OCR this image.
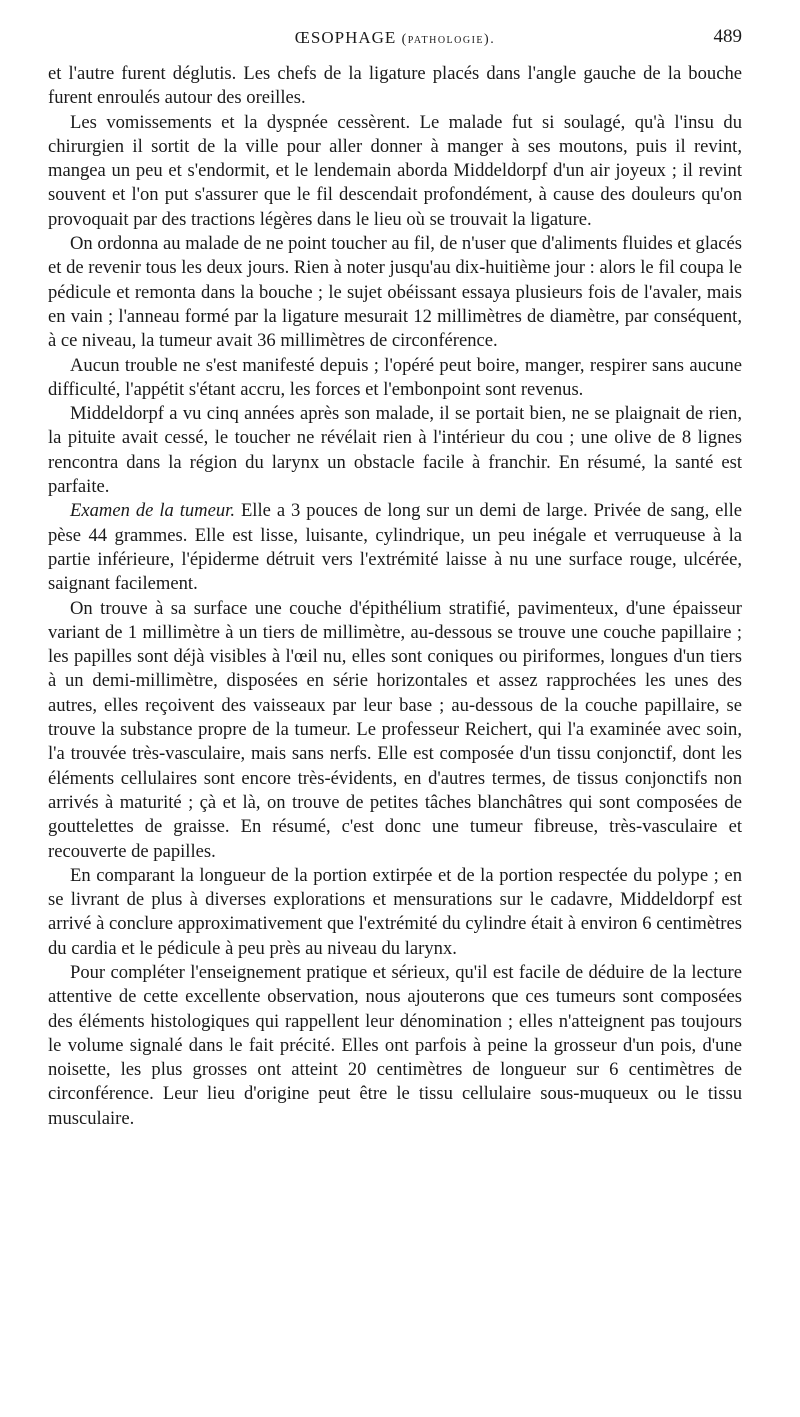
ŒSOPHAGE (pathologie).	489

et l'autre furent déglutis. Les chefs de la ligature placés dans l'angle gauche de la bouche furent enroulés autour des oreilles.

Les vomissements et la dyspnée cessèrent. Le malade fut si soulagé, qu'à l'insu du chirurgien il sortit de la ville pour aller donner à manger à ses moutons, puis il revint, mangea un peu et s'endormit, et le lendemain aborda Middeldorpf d'un air joyeux ; il revint souvent et l'on put s'assurer que le fil descendait profondément, à cause des douleurs qu'on provoquait par des tractions légères dans le lieu où se trouvait la ligature.

On ordonna au malade de ne point toucher au fil, de n'user que d'aliments fluides et glacés et de revenir tous les deux jours. Rien à noter jusqu'au dix-huitième jour : alors le fil coupa le pédicule et remonta dans la bouche ; le sujet obéissant essaya plusieurs fois de l'avaler, mais en vain ; l'anneau formé par la ligature mesurait 12 millimètres de diamètre, par conséquent, à ce niveau, la tumeur avait 36 millimètres de circonférence.

Aucun trouble ne s'est manifesté depuis ; l'opéré peut boire, manger, respirer sans aucune difficulté, l'appétit s'étant accru, les forces et l'embonpoint sont revenus.

Middeldorpf a vu cinq années après son malade, il se portait bien, ne se plaignait de rien, la pituite avait cessé, le toucher ne révélait rien à l'intérieur du cou ; une olive de 8 lignes rencontra dans la région du larynx un obstacle facile à franchir. En résumé, la santé est parfaite.

Examen de la tumeur. Elle a 3 pouces de long sur un demi de large. Privée de sang, elle pèse 44 grammes. Elle est lisse, luisante, cylindrique, un peu inégale et verruqueuse à la partie inférieure, l'épiderme détruit vers l'extrémité laisse à nu une surface rouge, ulcérée, saignant facilement.

On trouve à sa surface une couche d'épithélium stratifié, pavimenteux, d'une épaisseur variant de 1 millimètre à un tiers de millimètre, au-dessous se trouve une couche papillaire ; les papilles sont déjà visibles à l'œil nu, elles sont coniques ou piriformes, longues d'un tiers à un demi-millimètre, disposées en série horizontales et assez rapprochées les unes des autres, elles reçoivent des vaisseaux par leur base ; au-dessous de la couche papillaire, se trouve la substance propre de la tumeur. Le professeur Reichert, qui l'a examinée avec soin, l'a trouvée très-vasculaire, mais sans nerfs. Elle est composée d'un tissu conjonctif, dont les éléments cellulaires sont encore très-évidents, en d'autres termes, de tissus conjonctifs non arrivés à maturité ; çà et là, on trouve de petites tâches blanchâtres qui sont composées de gouttelettes de graisse. En résumé, c'est donc une tumeur fibreuse, très-vasculaire et recouverte de papilles.

En comparant la longueur de la portion extirpée et de la portion respectée du polype ; en se livrant de plus à diverses explorations et mensurations sur le cadavre, Middeldorpf est arrivé à conclure approximativement que l'extrémité du cylindre était à environ 6 centimètres du cardia et le pédicule à peu près au niveau du larynx.

Pour compléter l'enseignement pratique et sérieux, qu'il est facile de déduire de la lecture attentive de cette excellente observation, nous ajouterons que ces tumeurs sont composées des éléments histologiques qui rappellent leur dénomination ; elles n'atteignent pas toujours le volume signalé dans le fait précité. Elles ont parfois à peine la grosseur d'un pois, d'une noisette, les plus grosses ont atteint 20 centimètres de longueur sur 6 centimètres de circonférence. Leur lieu d'origine peut être le tissu cellulaire sous-muqueux ou le tissu musculaire.
